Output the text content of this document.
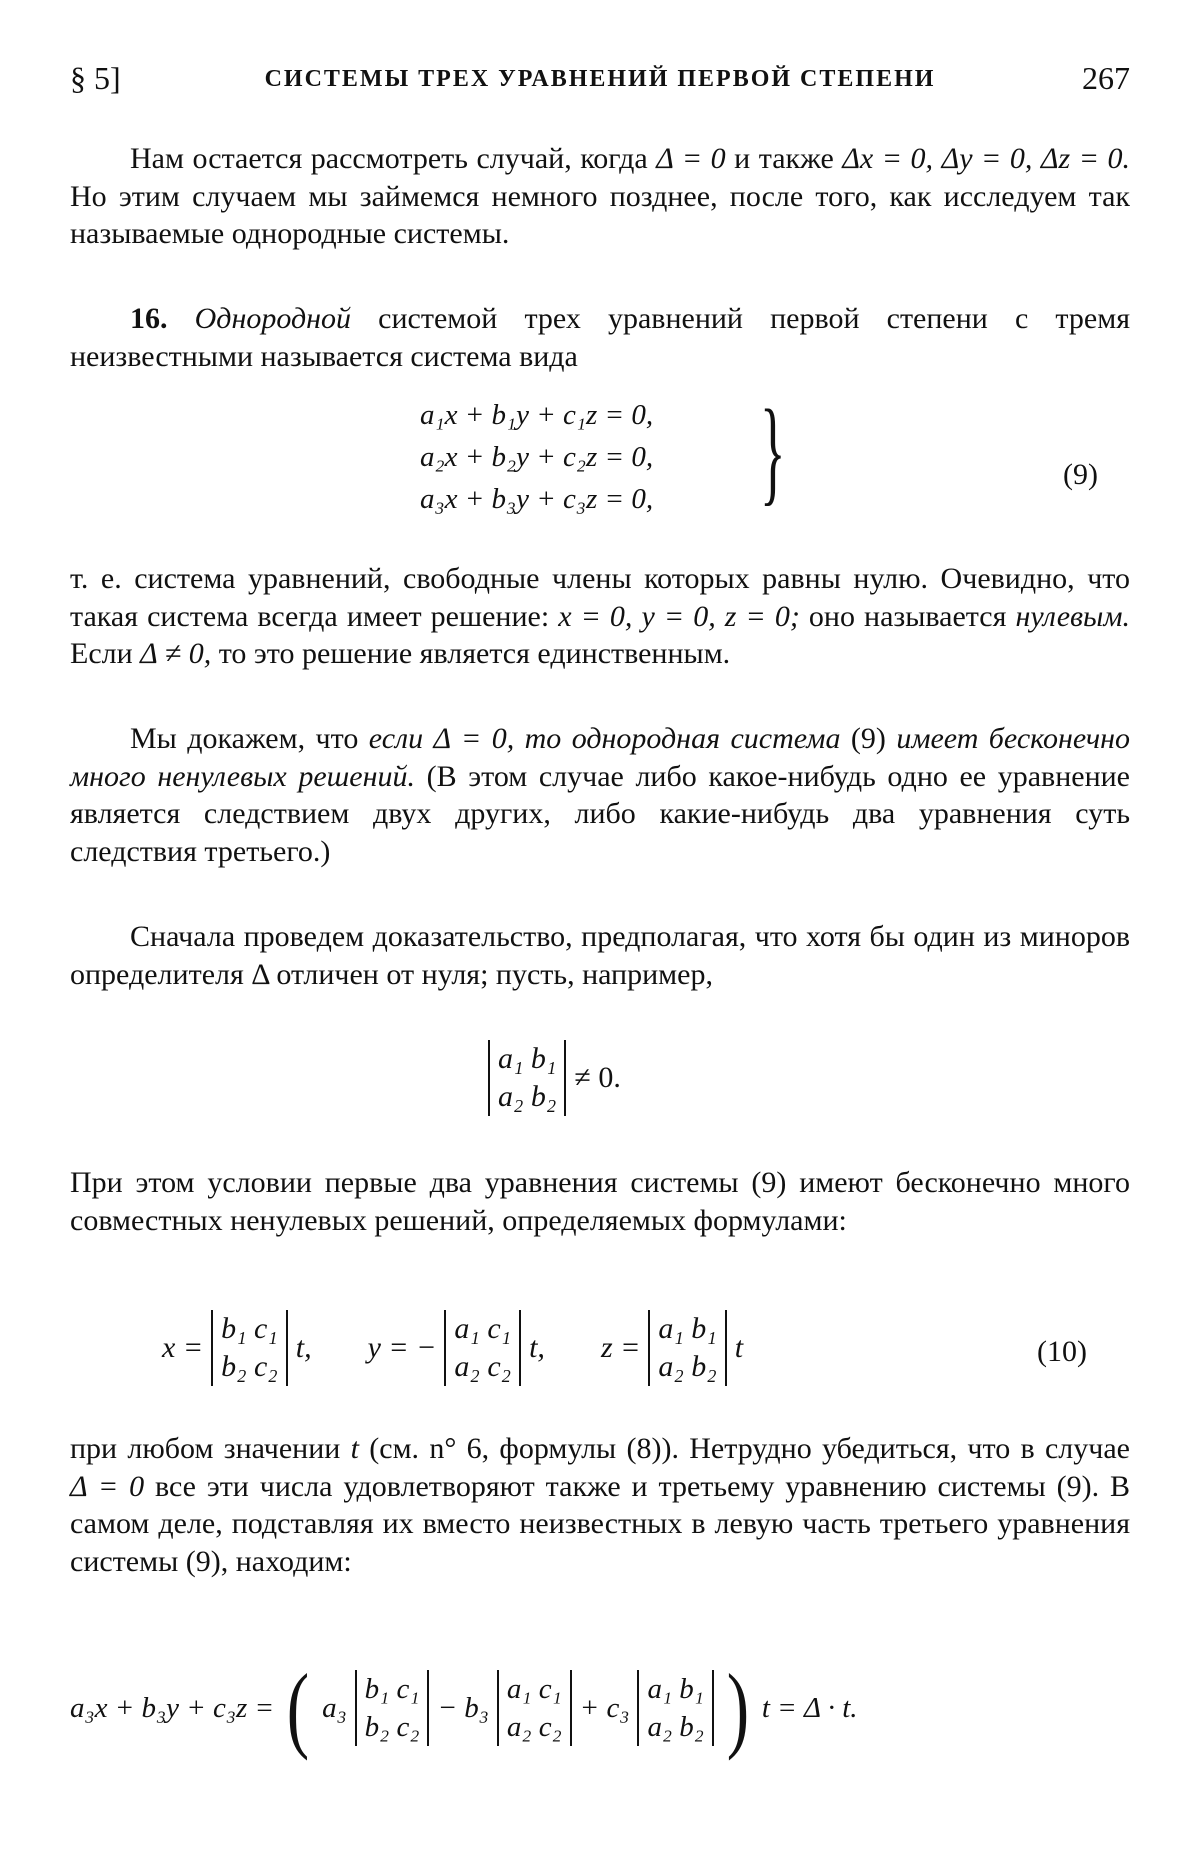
§ 5]	СИСТЕМЫ ТРЕХ УРАВНЕНИЙ ПЕРВОЙ СТЕПЕНИ	267
Нам остается рассмотреть случай, когда Δ = 0 и также Δx = 0, Δy = 0, Δz = 0. Но этим случаем мы займемся немного позднее, после того, как исследуем так называемые однородные системы.
16. Однородной системой трех уравнений первой степени с тремя неизвестными называется система вида
a₁x + b₁y + c₁z = 0,
a₂x + b₂y + c₂z = 0,
a₃x + b₃y + c₃z = 0, }	(9)
т. е. система уравнений, свободные члены которых равны нулю. Очевидно, что такая система всегда имеет решение: x = 0, y = 0, z = 0; оно называется нулевым. Если Δ ≠ 0, то это решение является единственным.
Мы докажем, что если Δ = 0, то однородная система (9) имеет бесконечно много ненулевых решений. (В этом случае либо какое-нибудь одно ее уравнение является следствием двух других, либо какие-нибудь два уравнения суть следствия третьего.)
Сначала проведем доказательство, предполагая, что хотя бы один из миноров определителя Δ отличен от нуля; пусть, например,
a₁ b₁
a₂ b₂
≠ 0.
При этом условии первые два уравнения системы (9) имеют бесконечно много совместных ненулевых решений, определяемых формулами:
x =
b₁ c₁
b₂ c₂
t, y = −
a₁ c₁
a₂ c₂
t, z =
a₁ b₁
a₂ b₂
t	(10)
при любом значении t (см. n° 6, формулы (8)). Нетрудно убедиться, что в случае Δ = 0 все эти числа удовлетворяют также и третьему уравнению системы (9). В самом деле, подставляя их вместо неизвестных в левую часть третьего уравнения системы (9), находим:
a₃x + b₃y + c₃z = ( a₃
b₁ c₁
b₂ c₂
− b₃
a₁ c₁
a₂ c₂
+ c₃
a₁ b₁
a₂ b₂ ) t = Δ · t.
